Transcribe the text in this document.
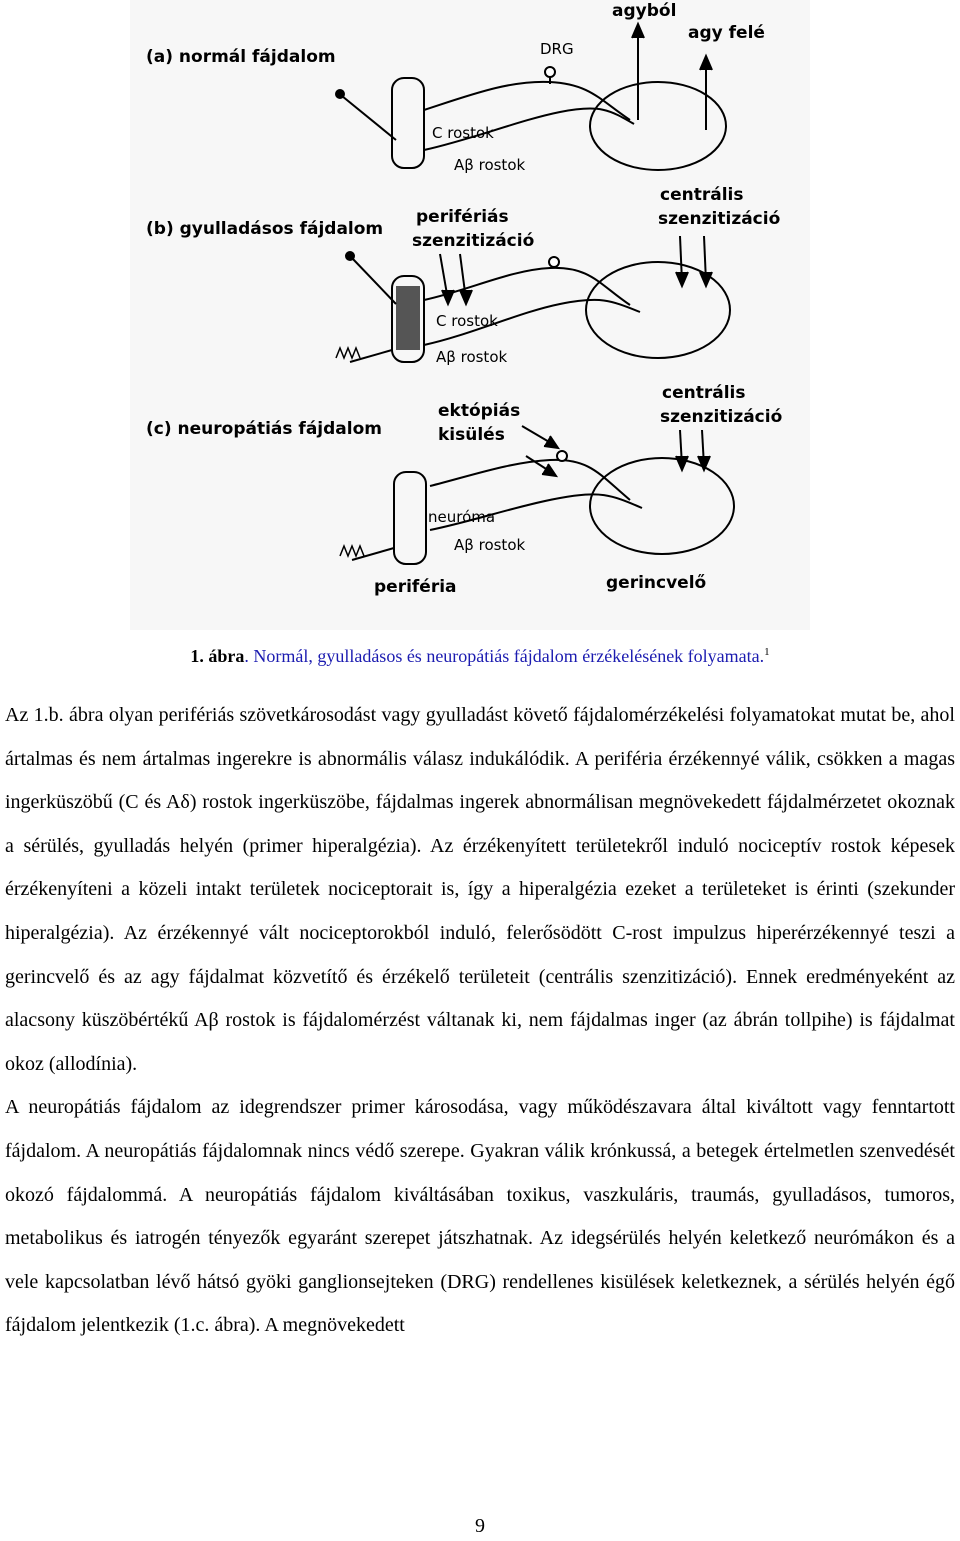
(a) normál fájdalom
agyból
agy felé
DRG
C rostok
Aβ rostok
(b) gyulladásos fájdalom
perifériás
szenzitizáció
centrális
szenzitizáció
C rostok
Aβ rostok
(c) neuropátiás fájdalom
ektópiás
kisülés
centrális
szenzitizáció
neuróma
Aβ rostok
periféria	gerincvelő
1. ábra. Normál, gyulladásos és neuropátiás fájdalom érzékelésének folyamata.$^1$

Az 1.b. ábra olyan perifériás szövetkárosodást vagy gyulladást követő fájdalomérzékelési folyamatokat mutat be, ahol ártalmas és nem ártalmas ingerekre is abnormális válasz indukálódik. A periféria érzékennyé válik, csökken a magas ingerküszöbű (C és Aδ) rostok ingerküszöbe, fájdalmas ingerek abnormálisan megnövekedett fájdalmérzetet okoznak a sérülés, gyulladás helyén (primer hiperalgézia). Az érzékenyített területekről induló nociceptív rostok képesek érzékenyíteni a közeli intakt területek nociceptorait is, így a hiperalgézia ezeket a területeket is érinti (szekunder hiperalgézia). Az érzékennyé vált nociceptorokból induló, felerősödött C-rost impulzus hiperérzékennyé teszi a gerincvelő és az agy fájdalmat közvetítő és érzékelő területeit (centrális szenzitizáció). Ennek eredményeként az alacsony küszöbértékű Aβ rostok is fájdalomérzést váltanak ki, nem fájdalmas inger (az ábrán tollpihe) is fájdalmat okoz (allodínia).

A neuropátiás fájdalom az idegrendszer primer károsodása, vagy működészavara által kiváltott vagy fenntartott fájdalom. A neuropátiás fájdalomnak nincs védő szerepe. Gyakran válik krónkussá, a betegek értelmetlen szenvedését okozó fájdalommá. A neuropátiás fájdalom kiváltásában toxikus, vaszkuláris, traumás, gyulladásos, tumoros, metabolikus és iatrogén tényezők egyaránt szerepet játszhatnak. Az idegsérülés helyén keletkező neurómákon és a vele kapcsolatban lévő hátsó gyöki ganglionsejteken (DRG) rendellenes kisülések keletkeznek, a sérülés helyén égő fájdalom jelentkezik (1.c. ábra). A megnövekedett

9
